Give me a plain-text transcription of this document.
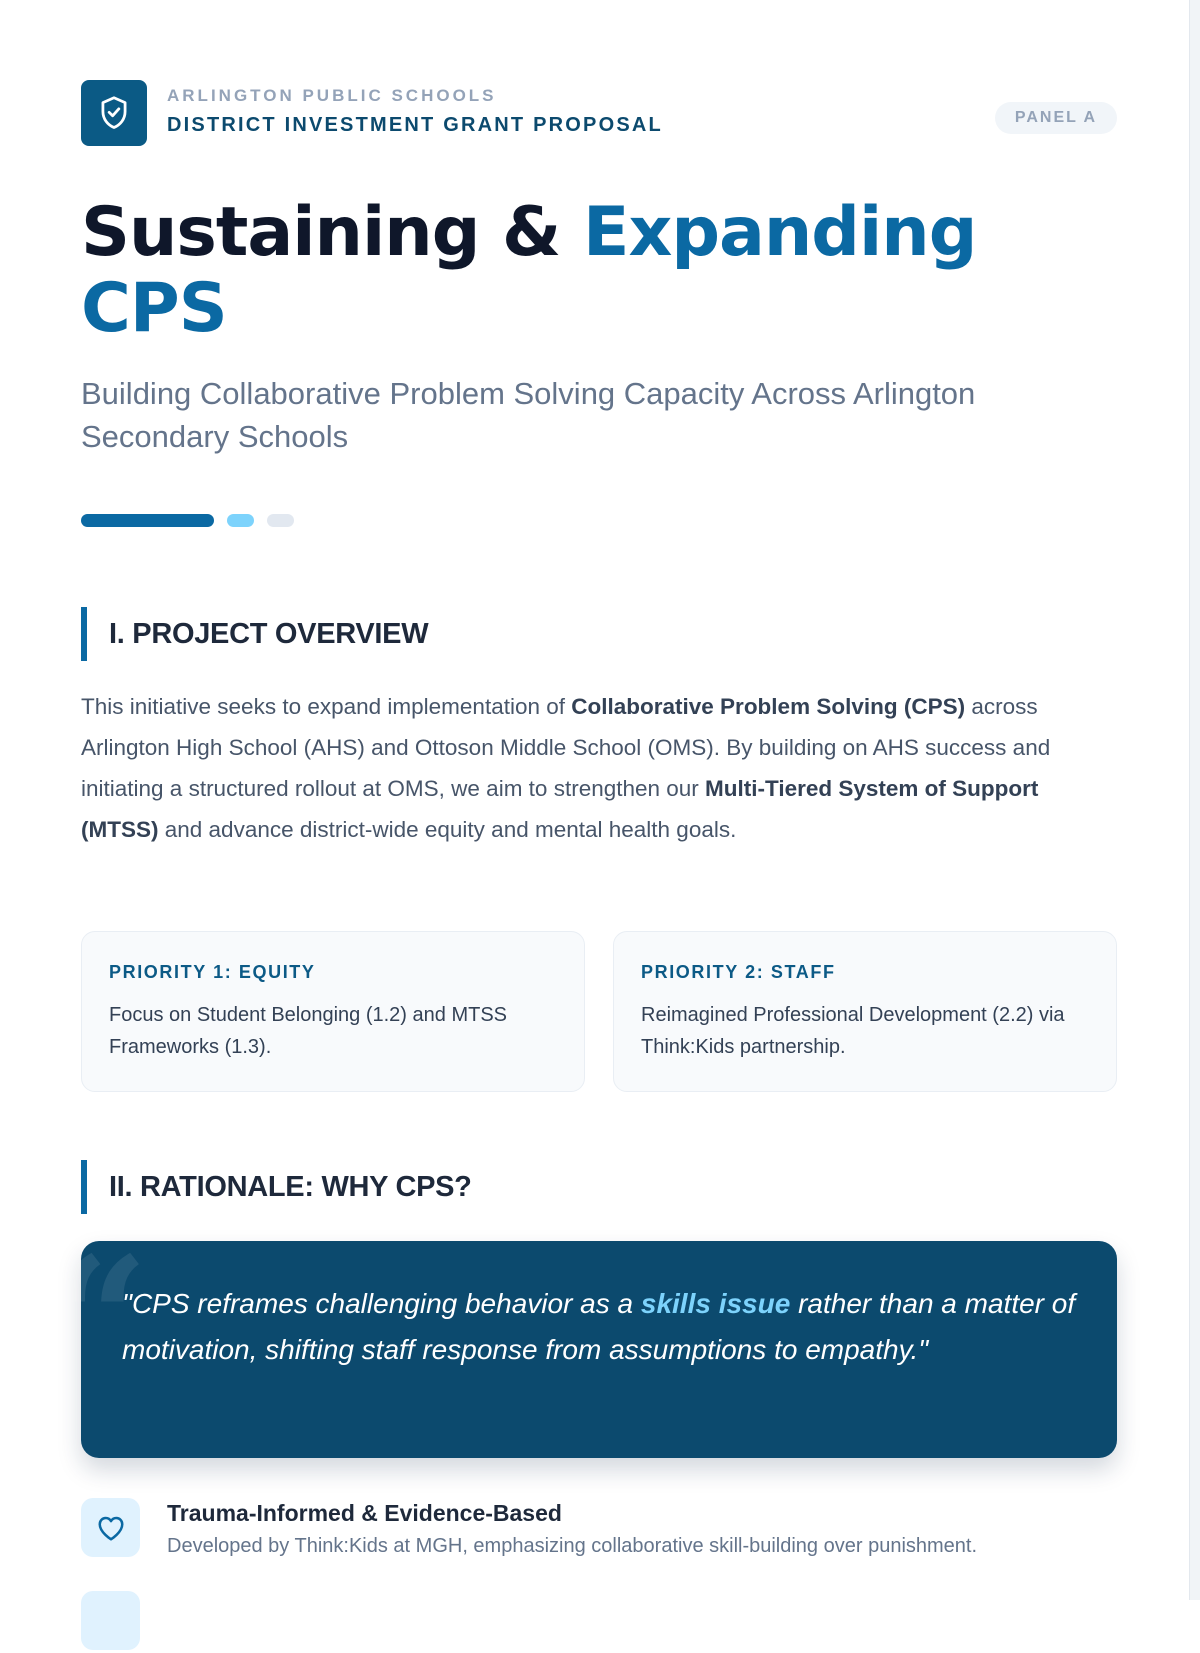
ARLINGTON PUBLIC SCHOOLS
DISTRICT INVESTMENT GRANT PROPOSAL	PANEL A
Sustaining & Expanding CPS

Building Collaborative Problem Solving Capacity Across Arlington Secondary Schools

I. PROJECT OVERVIEW

This initiative seeks to expand implementation of Collaborative Problem Solving (CPS) across Arlington High School (AHS) and Ottoson Middle School (OMS). By building on AHS success and initiating a structured rollout at OMS, we aim to strengthen our Multi-Tiered System of Support (MTSS) and advance district-wide equity and mental health goals.

PRIORITY 1: EQUITY
Focus on Student Belonging (1.2) and MTSS Frameworks (1.3).
PRIORITY 2: STAFF
Reimagined Professional Development (2.2) via Think:Kids partnership.
II. RATIONALE: WHY CPS?
“

"CPS reframes challenging behavior as a skills issue rather than a matter of motivation, shifting staff response from assumptions to empathy."

Trauma-Informed & Evidence-Based
Developed by Think:Kids at MGH, emphasizing collaborative skill-building over punishment.
